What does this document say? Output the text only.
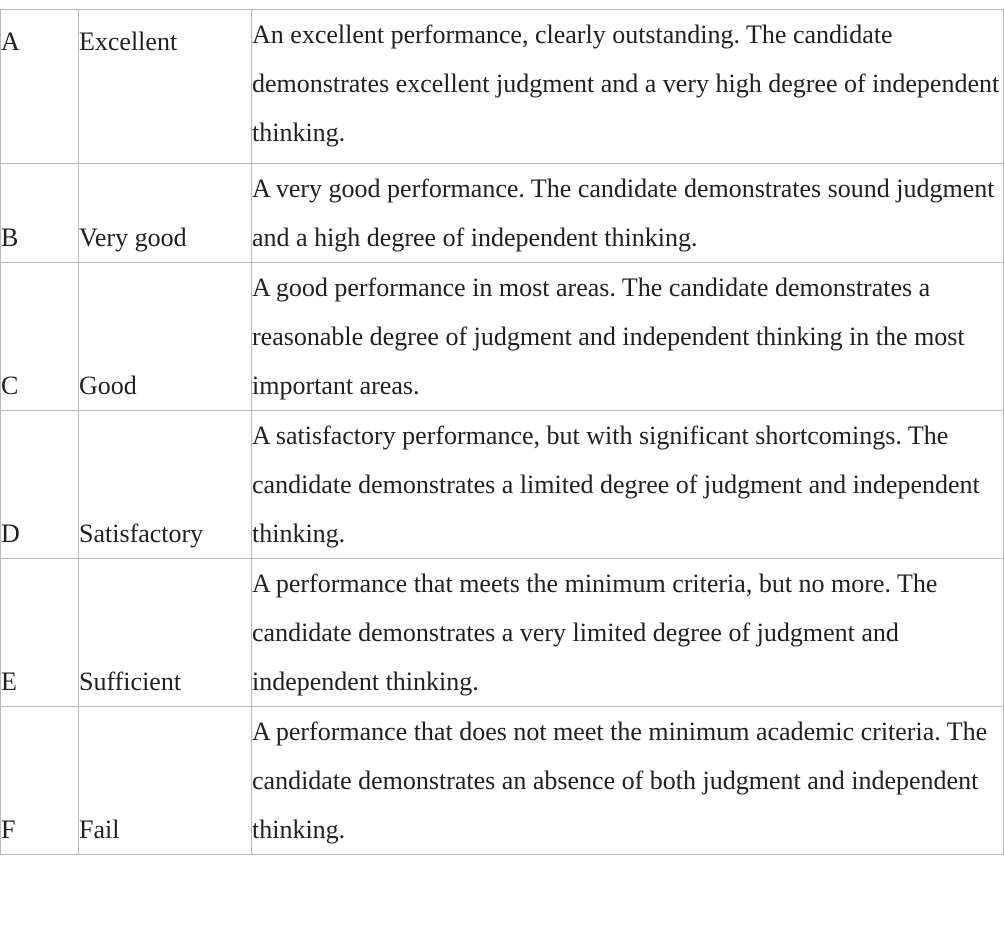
A	Excellent	An excellent performance, clearly outstanding. The candidate demonstrates excellent judgment and a very high degree of independent thinking.
B	Very good	A very good performance. The candidate demonstrates sound judgment and a high degree of independent thinking.
C	Good	A good performance in most areas. The candidate demonstrates a reasonable degree of judgment and independent thinking in the most important areas.
D	Satisfactory	A satisfactory performance, but with significant shortcomings. The candidate demonstrates a limited degree of judgment and independent thinking.
E	Sufficient	A performance that meets the minimum criteria, but no more. The candidate demonstrates a very limited degree of judgment and independent thinking.
F	Fail	A performance that does not meet the minimum academic criteria. The candidate demonstrates an absence of both judgment and independent thinking.
